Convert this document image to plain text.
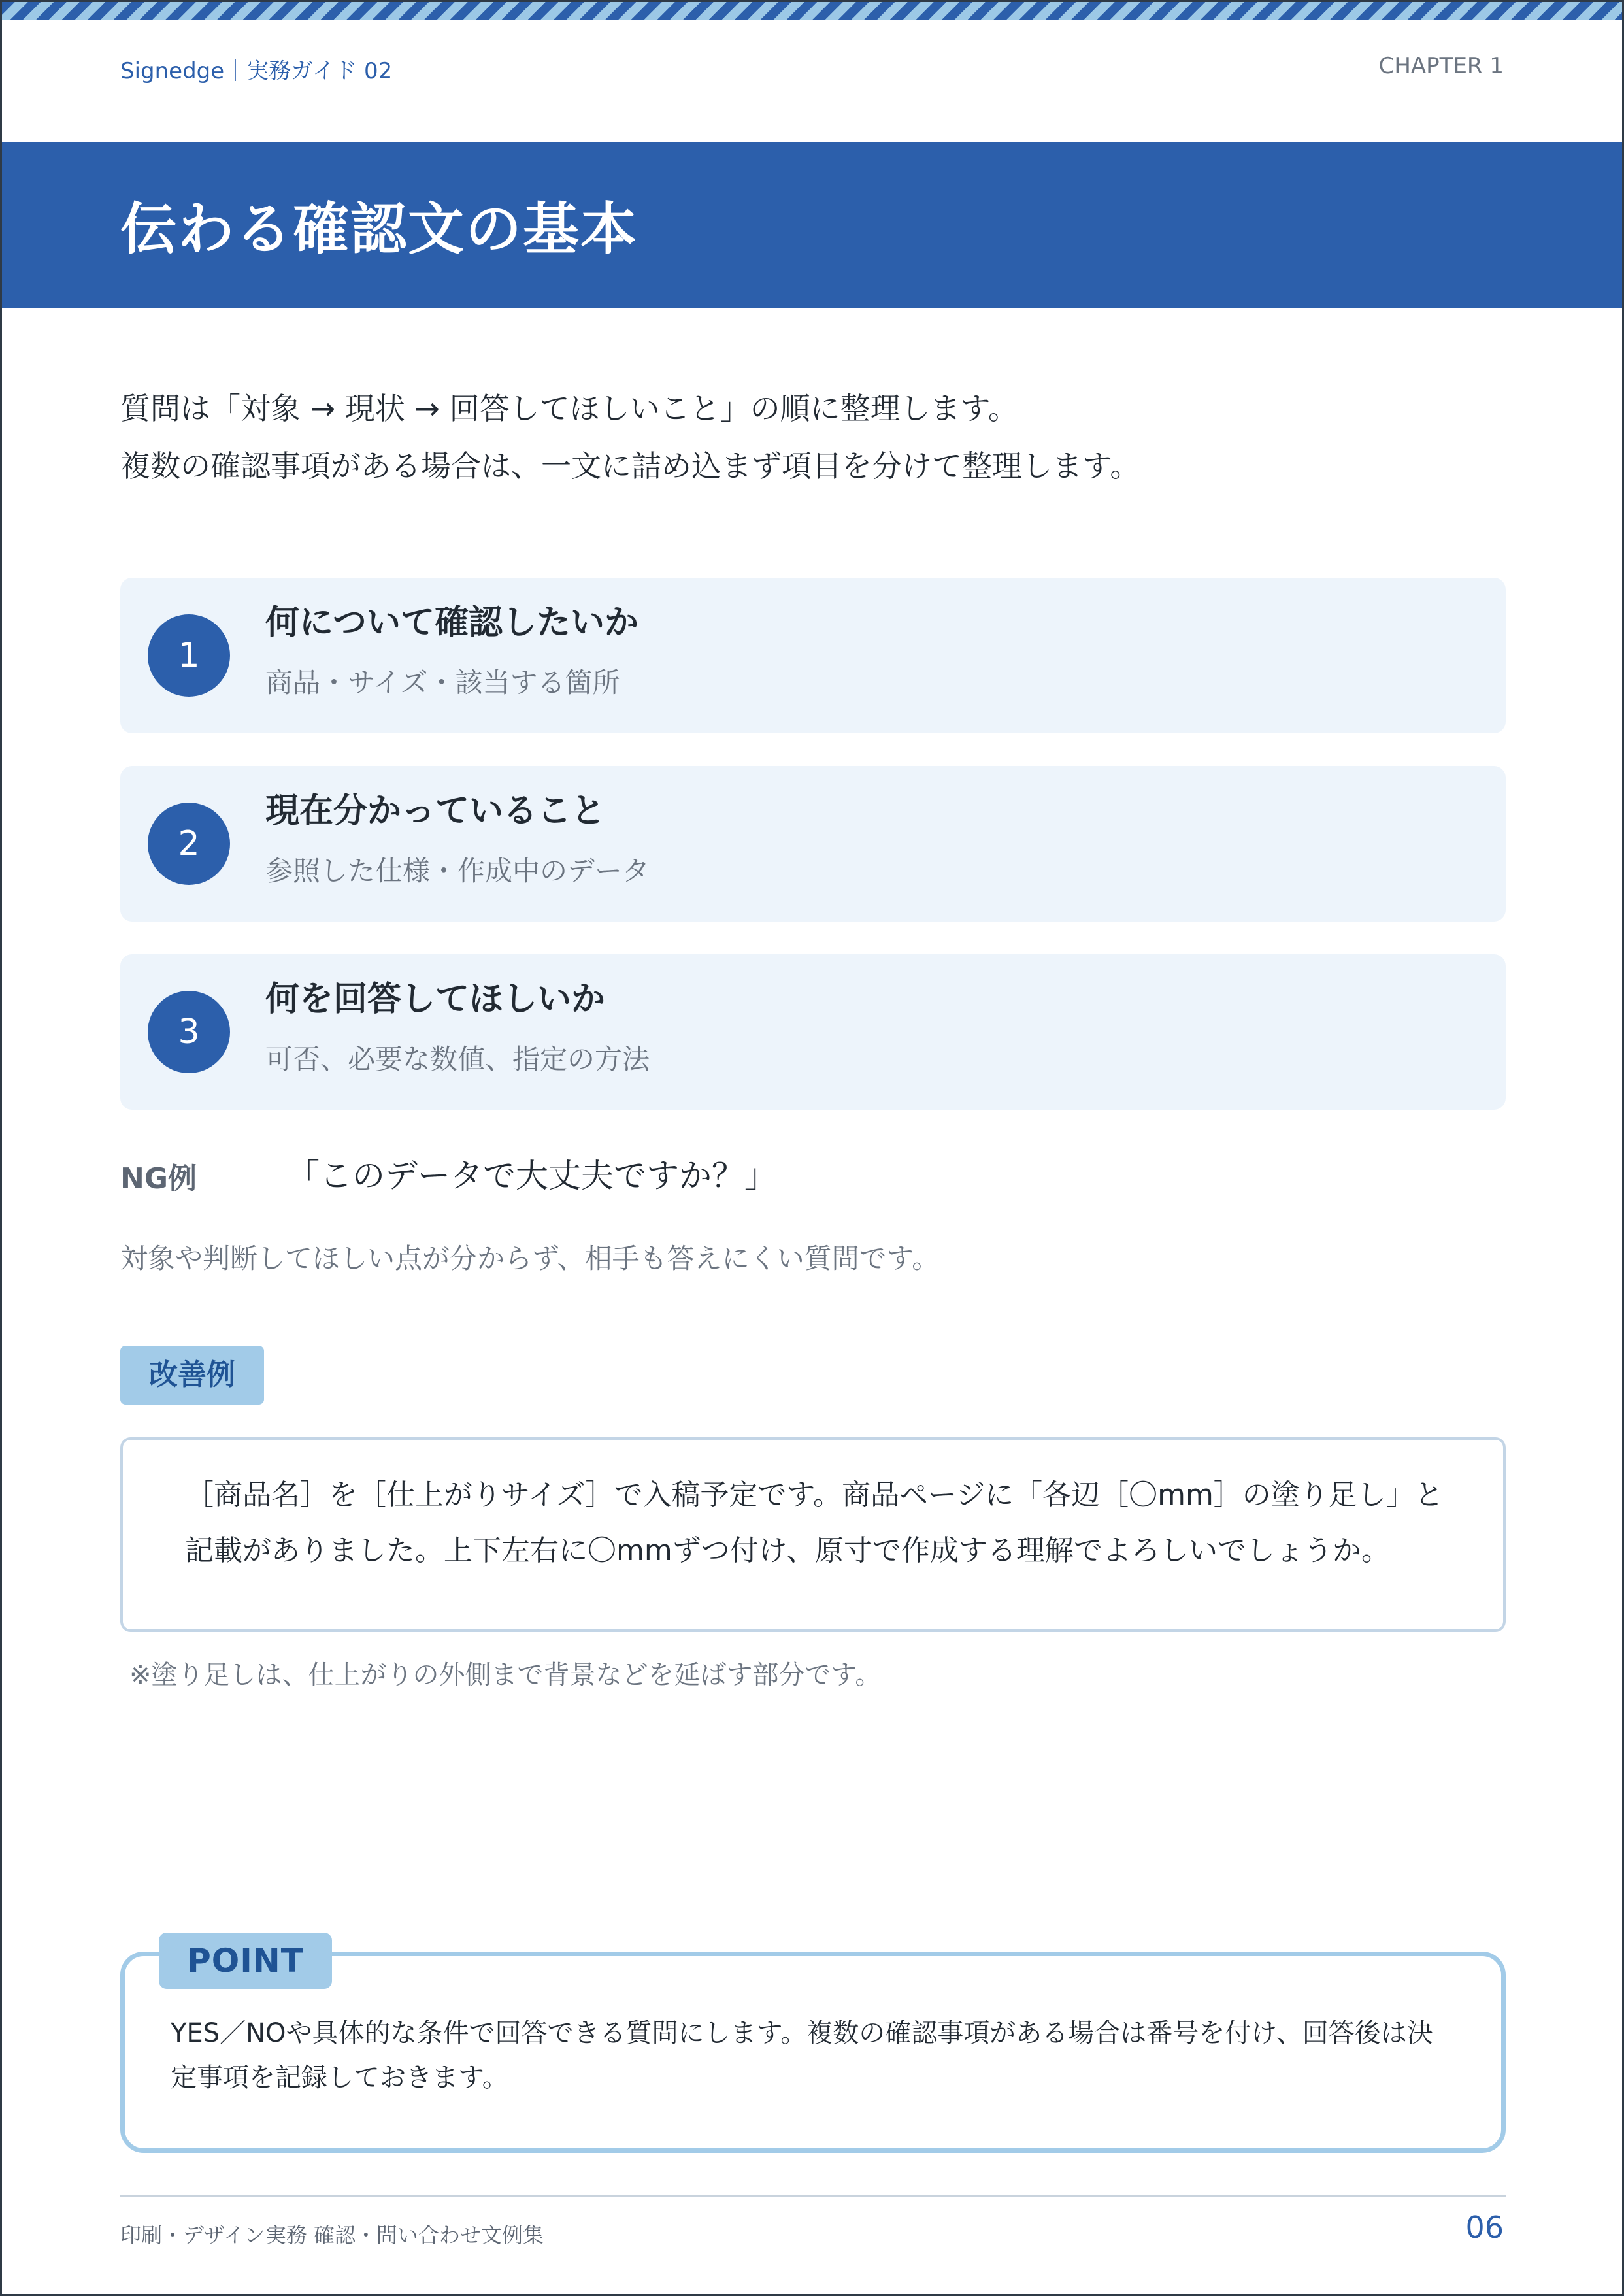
Signedge｜実務ガイド 02	CHAPTER 1
伝わる確認文の基本

質問は「対象 → 現状 → 回答してほしいこと」の順に整理します。

複数の確認事項がある場合は、一文に詰め込まず項目を分けて整理します。

1
何について確認したいか
商品・サイズ・該当する箇所
2
現在分かっていること
参照した仕様・作成中のデータ
3
何を回答してほしいか
可否、必要な数値、指定の方法
NG例	「このデータで大丈夫ですか？」
対象や判断してほしい点が分からず、相手も答えにくい質問です。
改善例

［商品名］を［仕上がりサイズ］で入稿予定です。商品ページに「各辺［〇mm］の塗り足し」と記載がありました。上下左右に〇mmずつ付け、原寸で作成する理解でよろしいでしょうか。

※塗り足しは、仕上がりの外側まで背景などを延ばす部分です。

YES／NOや具体的な条件で回答できる質問にします。複数の確認事項がある場合は番号を付け、回答後は決定事項を記録しておきます。

POINT
印刷・デザイン実務 確認・問い合わせ文例集	06
